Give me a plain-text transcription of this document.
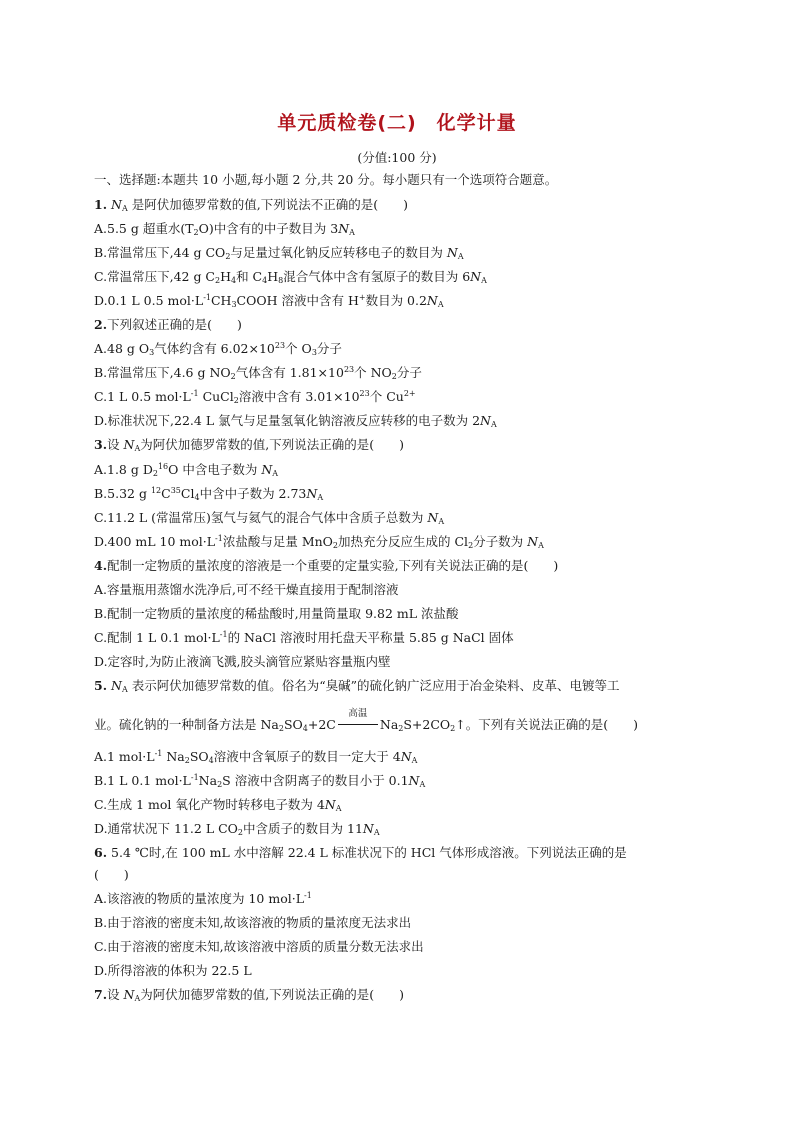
单元质检卷(二)　化学计量
(分值:100 分)
一、选择题:本题共 10 小题,每小题 2 分,共 20 分。每小题只有一个选项符合题意。
1. $N_A$ 是阿伏加德罗常数的值,下列说法不正确的是(　　)
A.5.5 g 超重水$(T_2O)$中含有的中子数目为 $3N_A$
B.常温常压下,44 g $CO_2$与足量过氧化钠反应转移电子的数目为 $N_A$
C.常温常压下,42 g $C_2H_4$和 $C_4H_8$混合气体中含有氢原子的数目为 $6N_A$
D.0.1 L 0.5 $mol\cdot L^{-1}CH_3COOH$ 溶液中含有 H+数目为 $0.2N_A$
2.下列叙述正确的是(　　)
A.48 g $O_3$气体约含有 $6.02\times 10^{23}$个 $O_3$分子
B.常温常压下,4.6 g $NO_2$气体含有 $1.81\times 10^{23}$个 $NO_2$分子
C.1 L 0.5 $mol\cdot L^{-1}$ CuCl$_2$溶液中含有 $3.01\times 10^{23}$个 $Cu^{2+}$
D.标准状况下,22.4 L 氯气与足量氢氧化钠溶液反应转移的电子数为 $2N_A$
3.设 $N_A$为阿伏加德罗常数的值,下列说法正确的是(　　)
A.1.8 g $D_2^{16}O$ 中含电子数为 $N_A$
B.5.32 g $^{12}C^{35}Cl_4$中含中子数为 $2.73N_A$
C.11.2 L (常温常压)氢气与氦气的混合气体中含质子总数为 $N_A$
D.400 mL 10 $mol\cdot L^{-1}$浓盐酸与足量 MnO$_2$加热充分反应生成的 $Cl_2$分子数为 $N_A$
4.配制一定物质的量浓度的溶液是一个重要的定量实验,下列有关说法正确的是(　　)
A.容量瓶用蒸馏水洗净后,可不经干燥直接用于配制溶液
B.配制一定物质的量浓度的稀盐酸时,用量筒量取 9.82 mL 浓盐酸
C.配制 1 L 0.1 $mol\cdot L^{-1}$的 NaCl 溶液时用托盘天平称量 5.85 g NaCl 固体
D.定容时,为防止液滴飞溅,胶头滴管应紧贴容量瓶内壁
5. $N_A$ 表示阿伏加德罗常数的值。俗名为“臭碱”的硫化钠广泛应用于冶金染料、皮革、电镀等工
业。硫化钠的一种制备方法是 $Na_2SO_4+2C$
高温
$Na_2S+2CO_2↑$。下列有关说法正确的是(　　)
A.1 $mol\cdot L^{-1}$ $Na_2SO_4$溶液中含氧原子的数目一定大于 $4N_A$
B.1 L 0.1 $mol\cdot L^{-1}Na_2S$ 溶液中含阴离子的数目小于 $0.1N_A$
C.生成 1 mol 氧化产物时转移电子数为 $4N_A$
D.通常状况下 11.2 L $CO_2$中含质子的数目为 $11N_A$
6. 5.4 ℃时,在 100 mL 水中溶解 22.4 L 标准状况下的 HCl 气体形成溶液。下列说法正确的是
(　　)
A.该溶液的物质的量浓度为 10 $mol\cdot L^{-1}$
B.由于溶液的密度未知,故该溶液的物质的量浓度无法求出
C.由于溶液的密度未知,故该溶液中溶质的质量分数无法求出
D.所得溶液的体积为 22.5 L
7.设 $N_A$为阿伏加德罗常数的值,下列说法正确的是(　　)
